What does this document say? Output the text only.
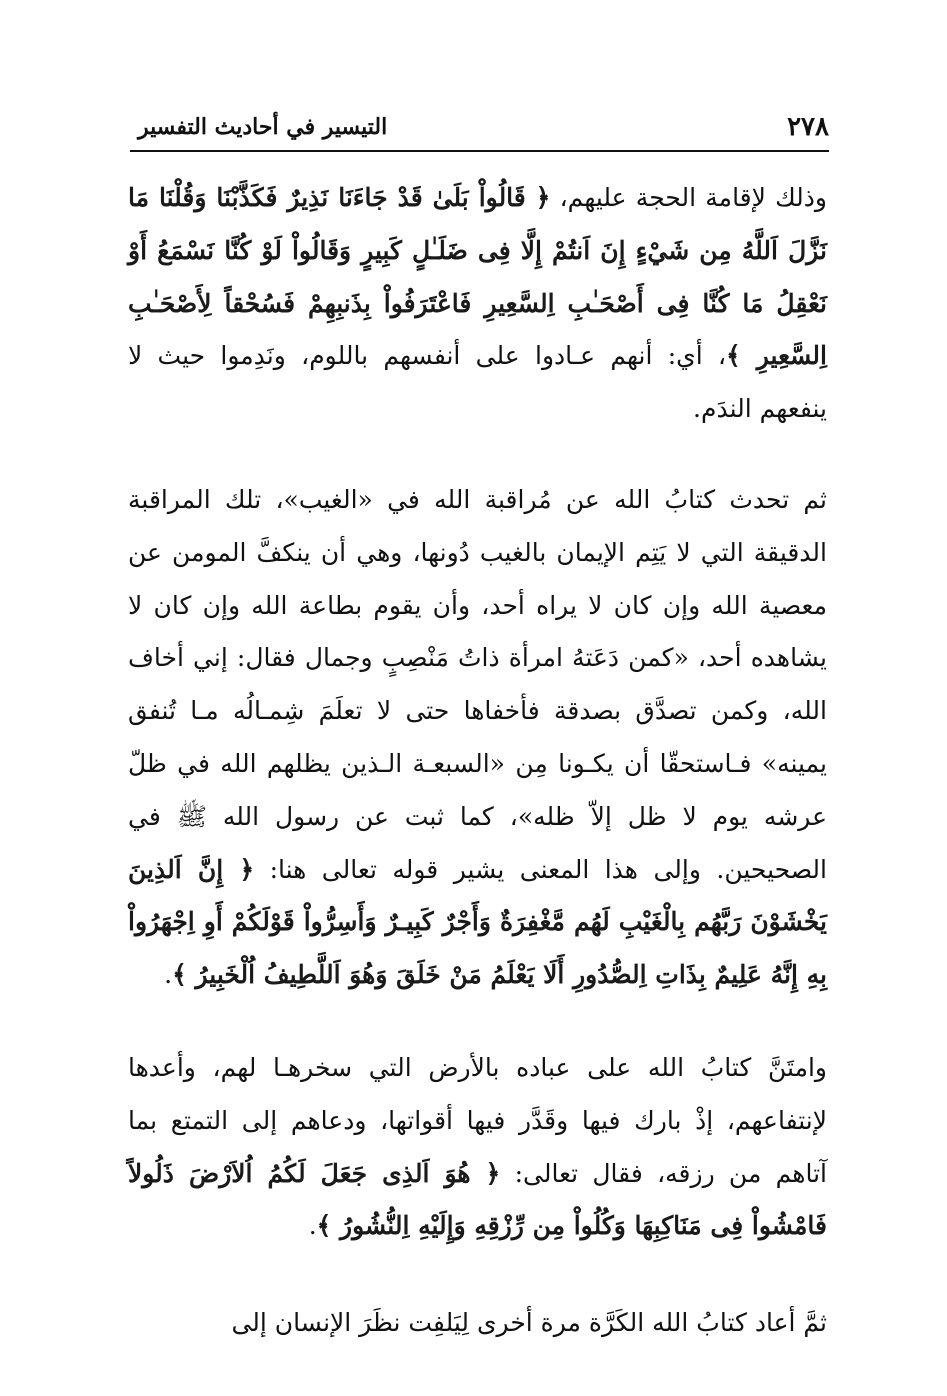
٢٧٨
التيسير في أحاديث التفسير

وذلك لإقامة الحجة عليهم، ﴿ قَالُواْ بَلَىٰ قَدْ جَاءَنَا نَذِيرٌ فَكَذَّبْنَا وَقُلْنَا مَا نَزَّلَ اَللَّهُ مِن شَيْءٍ إِنَ اَنتُمْ إِلَّا فِى ضَلَـٰلٍ كَبِيرٍ وَقَالُواْ لَوْ كُنَّا نَسْمَعُ أَوْ نَعْقِلُ مَا كُنَّا فِى أَصْحَـٰبِ اِلسَّعِيرِ فَاعْتَرَفُواْ بِذَنبِهِمْ فَسُحْقاً لِأَصْحَـٰبِ اِلسَّعِيرِ ﴾، أي: أنهم عـادوا على أنفسهم باللوم، ونَدِموا حيث لا ينفعهم الندَم.

ثم تحدث كتابُ الله عن مُراقبة الله في «الغيب»، تلك المراقبة الدقيقة التي لا يَتِم الإيمان بالغيب دُونها، وهي أن ينكفَّ المومن عن معصية الله وإن كان لا يراه أحد، وأن يقوم بطاعة الله وإن كان لا يشاهده أحد، «كمن دَعَتهُ امرأة ذاتُ مَنْصِبٍ وجمال فقال: إني أخاف الله، وكمن تصدَّق بصدقة فأخفاها حتى لا تعلَمَ شِمـالُه مـا تُنفق يمينه» فـاستحقّا أن يكـونا مِن «السبعـة الـذين يظلهم الله في ظلّ عرشه يوم لا ظل إلاّ ظله»، كما ثبت عن رسول الله ﷺ في الصحيحين. وإلى هذا المعنى يشير قوله تعالى هنا: ﴿ إِنَّ اَلذِينَ يَخْشَوْنَ رَبَّهُم بِالْغَيْبِ لَهُم مَّغْفِرَةٌ وَأَجْرٌ كَبِيـرٌ وَأَسِرُّواْ قَوْلَكُمْ أَوِ اِجْهَرُواْ بِهِ إِنَّهُ عَلِيمٌ بِذَاتِ اِلصُّدُورِ أَلَا يَعْلَمُ مَنْ خَلَقَ وَهُوَ اَللَّطِيفُ اُلْخَبِيرُ ﴾.

وامتَنَّ كتابُ الله على عباده بالأرض التي سخرهـا لهم، وأعدها لإنتفاعهم، إذْ بارك فيها وقَدَّر فيها أقواتها، ودعاهم إلى التمتع بما آتاهم من رزقه، فقال تعالى: ﴿ هُوَ اَلذِى جَعَلَ لَكُمُ اُلاَرْضَ ذَلُولاً فَامْشُواْ فِى مَنَاكِبِهَا وَكُلُواْ مِن رِّزْقِهِ وَإِلَيْهِ اِلنُّشُورُ ﴾.

ثمَّ أعاد كتابُ الله الكَرَّة مرة أخرى لِيَلفِت نظَرَ الإنسان إلى
